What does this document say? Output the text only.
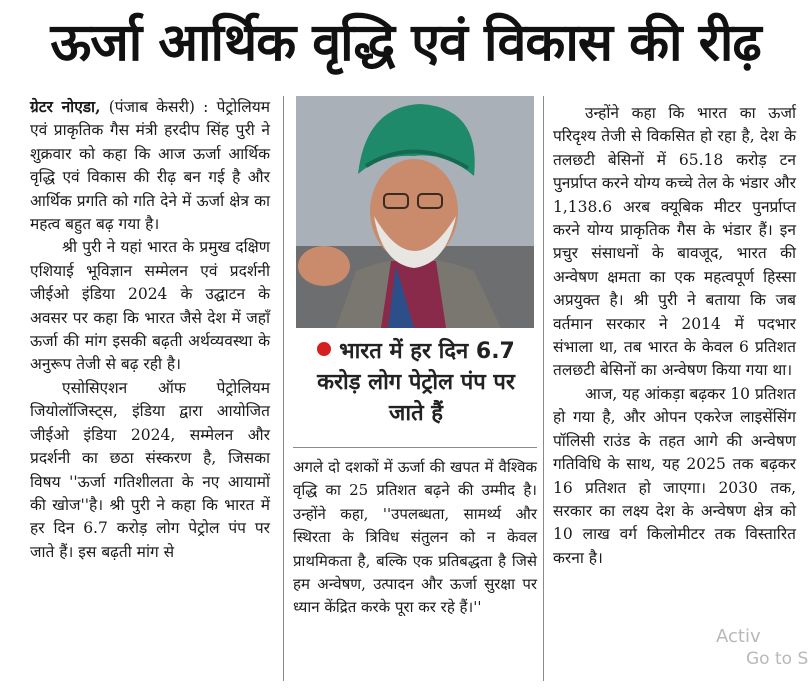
ऊर्जा आर्थिक वृद्धि एवं विकास की रीढ़

ग्रेटर नोएडा, (पंजाब केसरी) : पेट्रोलियम एवं प्राकृतिक गैस मंत्री हरदीप सिंह पुरी ने शुक्रवार को कहा कि आज ऊर्जा आर्थिक वृद्धि एवं विकास की रीढ़ बन गई है और आर्थिक प्रगति को गति देने में ऊर्जा क्षेत्र का महत्व बहुत बढ़ गया है।

श्री पुरी ने यहां भारत के प्रमुख दक्षिण एशियाई भूविज्ञान सम्मेलन एवं प्रदर्शनी जीईओ इंडिया 2024 के उद्घाटन के अवसर पर कहा कि भारत जैसे देश में जहाँ ऊर्जा की मांग इसकी बढ़ती अर्थव्यवस्था के अनुरूप तेजी से बढ़ रही है।

एसोसिएशन ऑफ पेट्रोलियम जियोलॉजिस्ट्स, इंडिया द्वारा आयोजित जीईओ इंडिया 2024, सम्मेलन और प्रदर्शनी का छठा संस्करण है, जिसका विषय ''ऊर्जा गतिशीलता के नए आयामों की खोज''है। श्री पुरी ने कहा कि भारत में हर दिन 6.7 करोड़ लोग पेट्रोल पंप पर जाते हैं। इस बढ़ती मांग से

भारत में हर दिन 6.7 करोड़ लोग पेट्रोल पंप पर जाते हैं

अगले दो दशकों में ऊर्जा की खपत में वैश्विक वृद्धि का 25 प्रतिशत बढ़ने की उम्मीद है। उन्होंने कहा, ''उपलब्धता, सामर्थ्य और स्थिरता के त्रिविध संतुलन को न केवल प्राथमिकता है, बल्कि एक प्रतिबद्धता है जिसे हम अन्वेषण, उत्पादन और ऊर्जा सुरक्षा पर ध्यान केंद्रित करके पूरा कर रहे हैं।''

उन्होंने कहा कि भारत का ऊर्जा परिदृश्य तेजी से विकसित हो रहा है, देश के तलछटी बेसिनों में 65.18 करोड़ टन पुनर्प्राप्त करने योग्य कच्चे तेल के भंडार और 1,138.6 अरब क्यूबिक मीटर पुनर्प्राप्त करने योग्य प्राकृतिक गैस के भंडार हैं। इन प्रचुर संसाधनों के बावजूद, भारत की अन्वेषण क्षमता का एक महत्वपूर्ण हिस्सा अप्रयुक्त है। श्री पुरी ने बताया कि जब वर्तमान सरकार ने 2014 में पदभार संभाला था, तब भारत के केवल 6 प्रतिशत तलछटी बेसिनों का अन्वेषण किया गया था।

आज, यह आंकड़ा बढ़कर 10 प्रतिशत हो गया है, और ओपन एकरेज लाइसेंसिंग पॉलिसी राउंड के तहत आगे की अन्वेषण गतिविधि के साथ, यह 2025 तक बढ़कर 16 प्रतिशत हो जाएगा। 2030 तक, सरकार का लक्ष्य देश के अन्वेषण क्षेत्र को 10 लाख वर्ग किलोमीटर तक विस्तारित करना है।

Activ
Go to S
